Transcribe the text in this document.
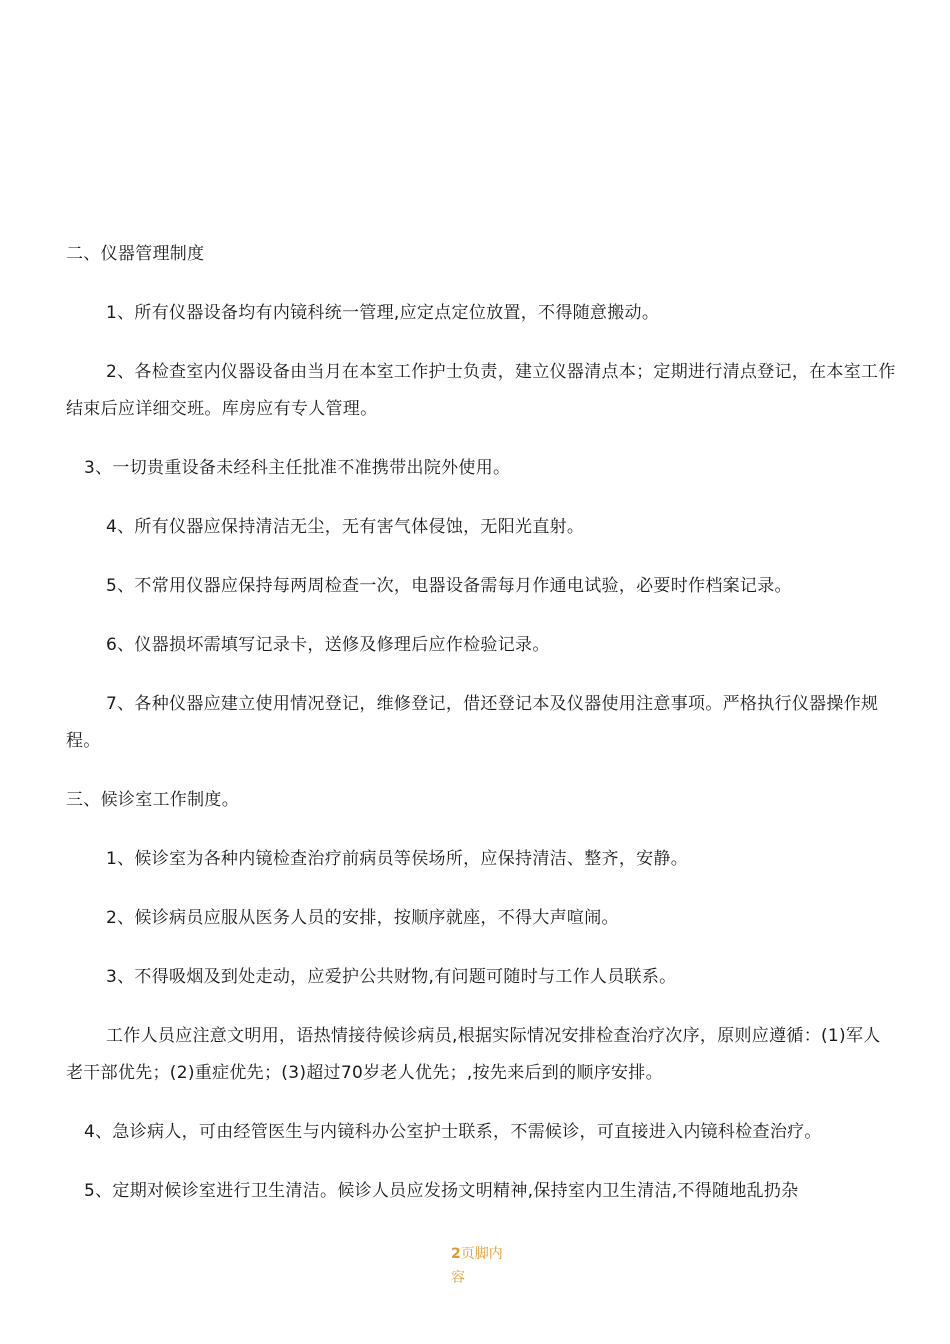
二、仪器管理制度

1、所有仪器设备均有内镜科统一管理,应定点定位放置，不得随意搬动。

2、各检查室内仪器设备由当月在本室工作护士负责，建立仪器清点本；定期进行清点登记，在本室工作结束后应详细交班。库房应有专人管理。

3、一切贵重设备未经科主任批准不准携带出院外使用。

4、所有仪器应保持清洁无尘，无有害气体侵蚀，无阳光直射。

5、不常用仪器应保持每两周检查一次，电器设备需每月作通电试验，必要时作档案记录。

6、仪器损坏需填写记录卡，送修及修理后应作检验记录。

7、各种仪器应建立使用情况登记，维修登记，借还登记本及仪器使用注意事项。严格执行仪器操作规程。

三、候诊室工作制度。

1、候诊室为各种内镜检查治疗前病员等侯场所，应保持清洁、整齐，安静。

2、候诊病员应服从医务人员的安排，按顺序就座，不得大声喧闹。

3、不得吸烟及到处走动，应爱护公共财物,有问题可随时与工作人员联系。

工作人员应注意文明用，语热情接待候诊病员,根据实际情况安排检查治疗次序，原则应遵循：(1)军人老干部优先；(2)重症优先；(3)超过70岁老人优先；,按先来后到的顺序安排。

4、急诊病人，可由经管医生与内镜科办公室护士联系，不需候诊，可直接进入内镜科检查治疗。

5、定期对候诊室进行卫生清洁。候诊人员应发扬文明精神,保持室内卫生清洁,不得随地乱扔杂

2页脚内容
